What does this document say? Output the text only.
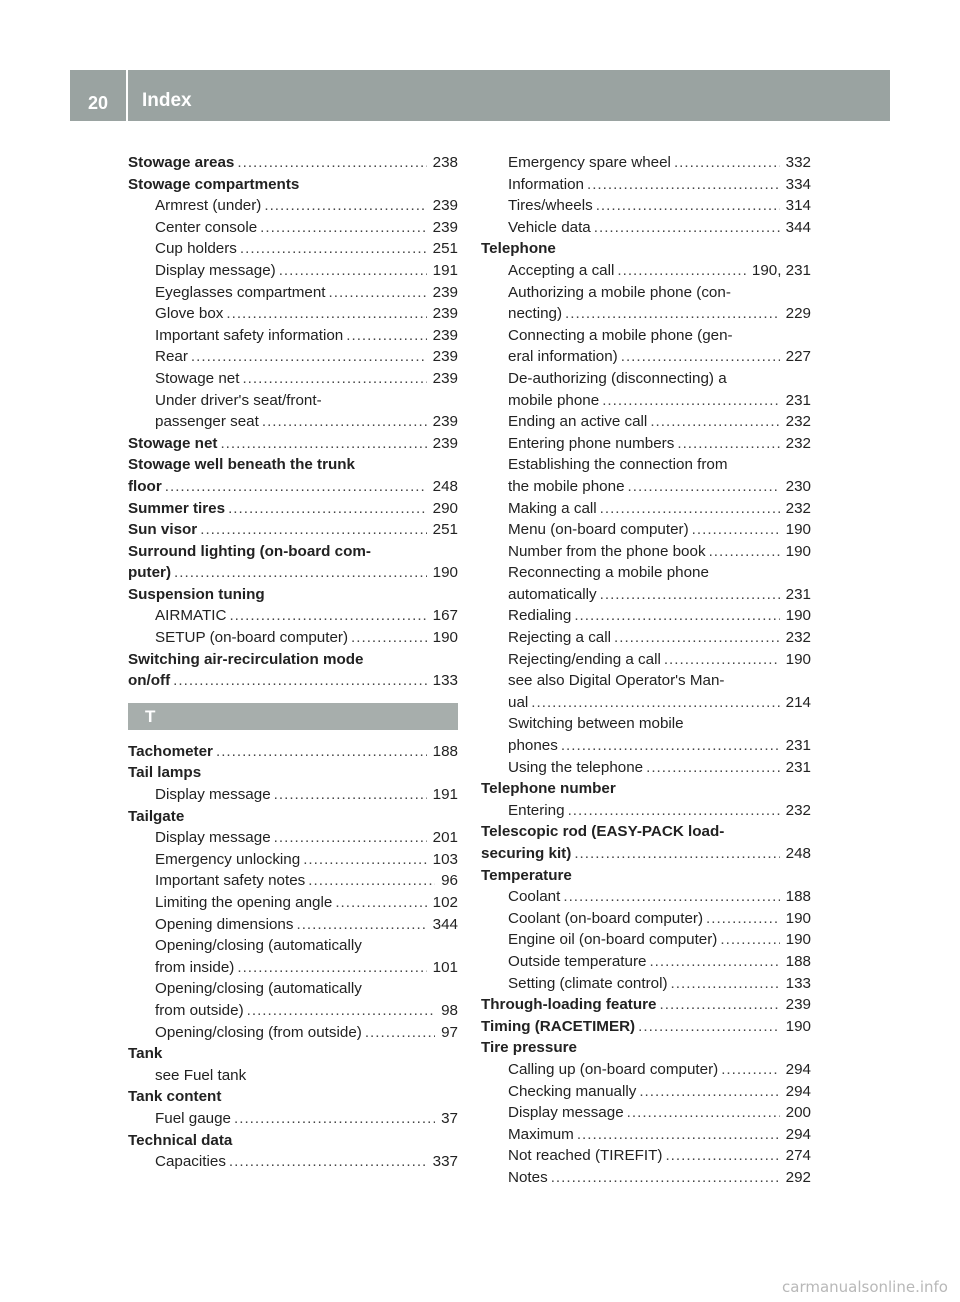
20	Index
Stowage areas .....	238
Stowage compartments
Armrest (under) .....	239
Center console .....	239
Cup holders .....	251
Display message) .....	191
Eyeglasses compartment .....	239
Glove box .....	239
Important safety information .....	239
Rear .....	239
Stowage net .....	239
Under driver's seat/front-
passenger seat .....	239
Stowage net .....	239
Stowage well beneath the trunk
floor .....	248
Summer tires .....	290
Sun visor .....	251
Surround lighting (on-board com-
puter) .....	190
Suspension tuning
AIRMATIC .....	167
SETUP (on-board computer) .....	190
Switching air-recirculation mode
on/off .....	133
T
Tachometer .....	188
Tail lamps
Display message .....	191
Tailgate
Display message .....	201
Emergency unlocking .....	103
Important safety notes .....	96
Limiting the opening angle .....	102
Opening dimensions .....	344
Opening/closing (automatically
from inside) .....	101
Opening/closing (automatically
from outside) .....	98
Opening/closing (from outside) .....	97
Tank
see Fuel tank
Tank content
Fuel gauge .....	37
Technical data
Capacities .....	337
Emergency spare wheel .....	332
Information .....	334
Tires/wheels .....	314
Vehicle data .....	344
Telephone
Accepting a call .....	190, 231
Authorizing a mobile phone (con-
necting) .....	229
Connecting a mobile phone (gen-
eral information) .....	227
De-authorizing (disconnecting) a
mobile phone .....	231
Ending an active call .....	232
Entering phone numbers .....	232
Establishing the connection from
the mobile phone .....	230
Making a call .....	232
Menu (on-board computer) .....	190
Number from the phone book .....	190
Reconnecting a mobile phone
automatically .....	231
Redialing .....	190
Rejecting a call .....	232
Rejecting/ending a call .....	190
see also Digital Operator's Man-
ual .....	214
Switching between mobile
phones .....	231
Using the telephone .....	231
Telephone number
Entering .....	232
Telescopic rod (EASY-PACK load-
securing kit) .....	248
Temperature
Coolant .....	188
Coolant (on-board computer) .....	190
Engine oil (on-board computer) .....	190
Outside temperature .....	188
Setting (climate control) .....	133
Through-loading feature .....	239
Timing (RACETIMER) .....	190
Tire pressure
Calling up (on-board computer) .....	294
Checking manually .....	294
Display message .....	200
Maximum .....	294
Not reached (TIREFIT) .....	274
Notes .....	292
carmanualsonline.info
